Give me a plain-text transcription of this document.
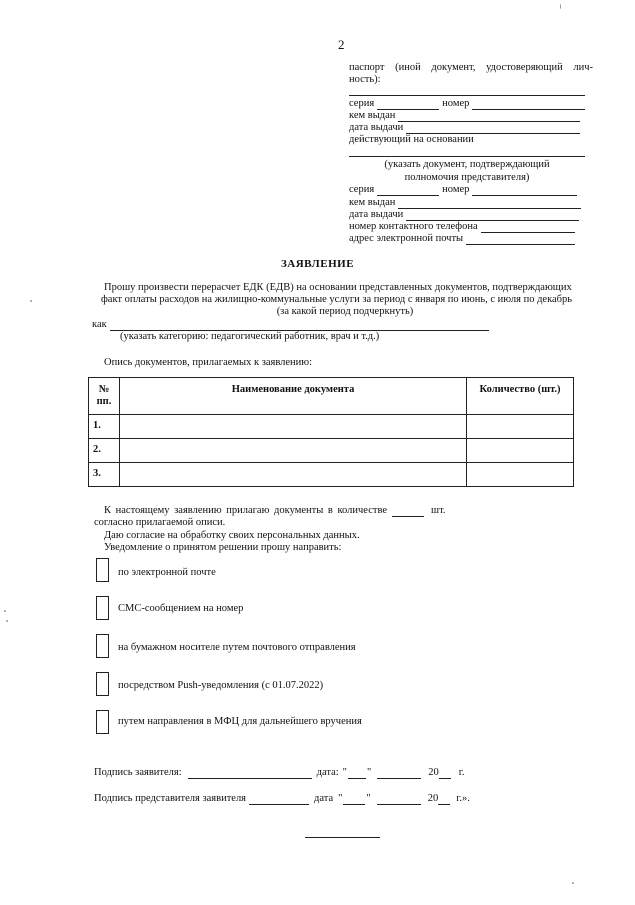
2
паспорт (иной документ, удостоверяющий лич-
ность):
серия	номер
кем выдан
дата выдачи
действующий на основании
(указать документ, подтверждающий
полномочия представителя)
серия	номер
кем выдан
дата выдачи
номер контактного телефона
адрес электронной почты
ЗАЯВЛЕНИЕ
Прошу произвести перерасчет ЕДК (ЕДВ) на основании представленных документов, подтверждающих
факт оплаты расходов на жилищно-коммунальные услуги за период с января по июнь, с июля по декабрь
(за какой период подчеркнуть)
как
(указать категорию: педагогический работник, врач и т.д.)
Опись документов, прилагаемых к заявлению:
№
пп.	Наименование документа	Количество (шт.)
1.		
2.		
3.		
К настоящему заявлению прилагаю документы в количестве	шт.
согласно прилагаемой описи.
Даю согласие на обработку своих персональных данных.
Уведомление о принятом решении прошу направить:
по электронной почте
СМС-сообщением на номер
на бумажном носителе путем почтового отправления
посредством Push-уведомления (с 01.07.2022)
путем направления в МФЦ для дальнейшего вручения
Подпись заявителя:	дата: " "	20 г.
Подпись представителя заявителя	дата " "	20 г.».
